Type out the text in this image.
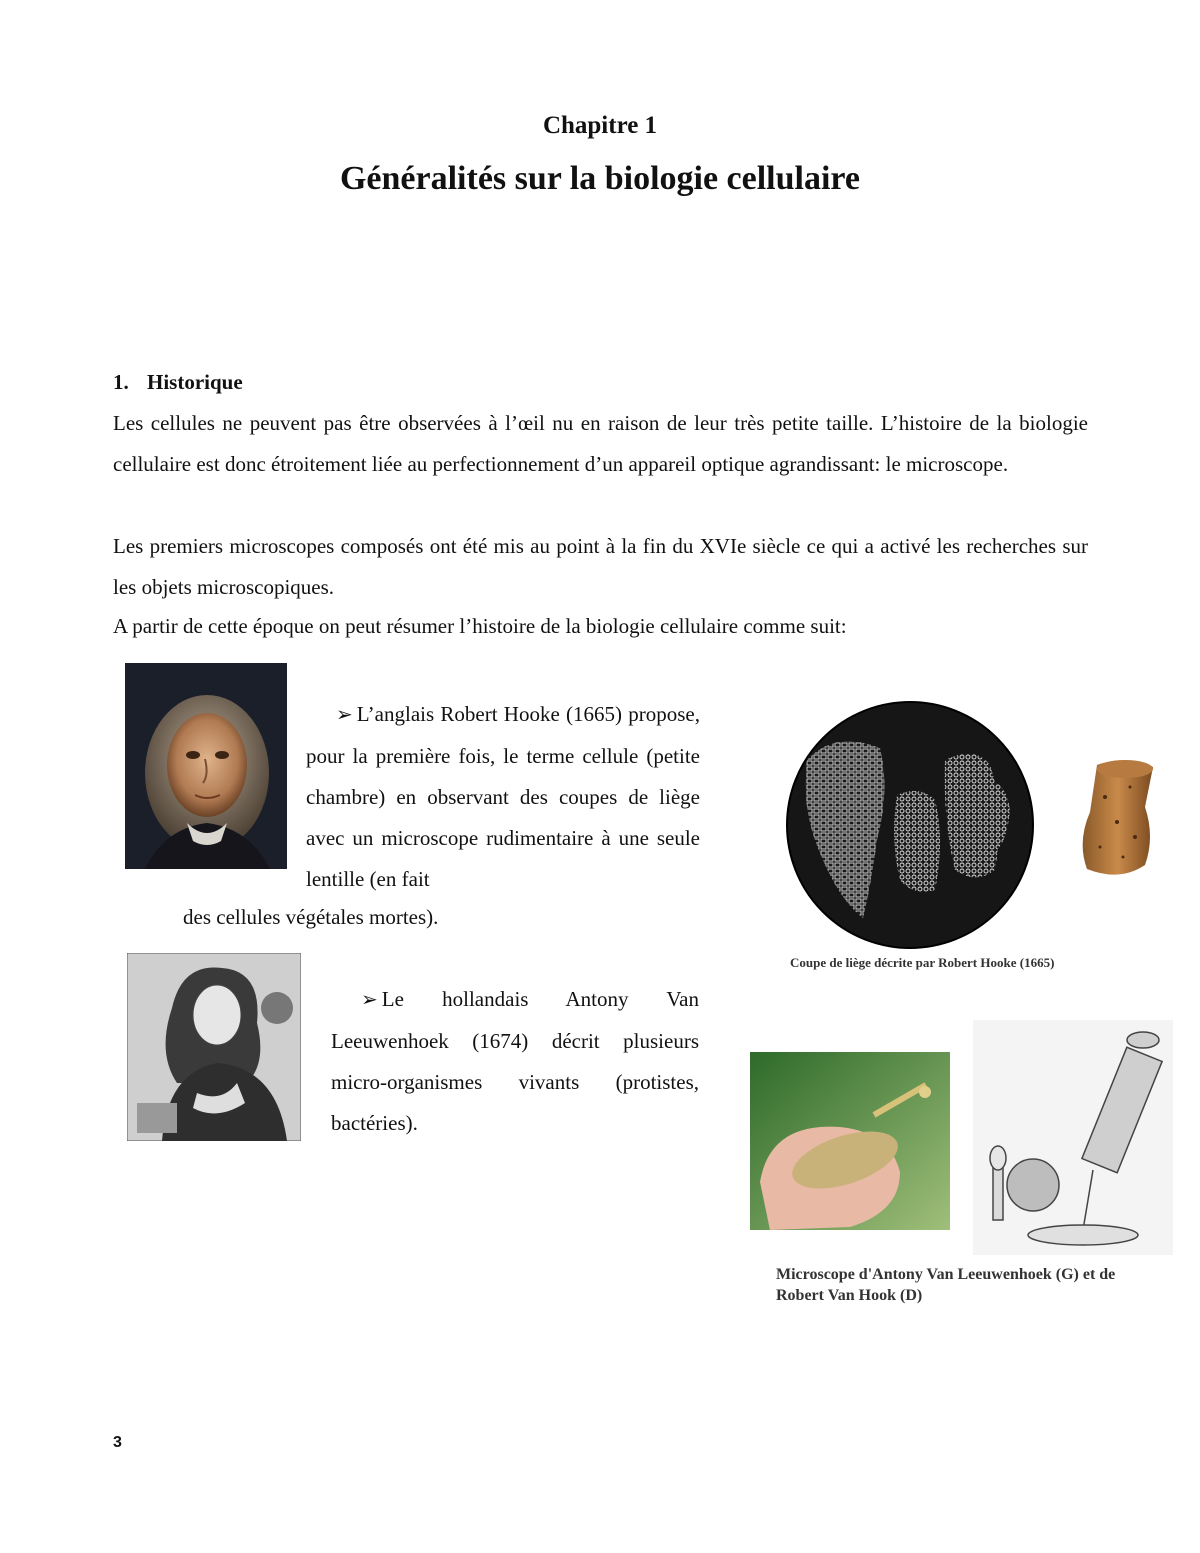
Chapitre 1
Généralités sur la biologie cellulaire
1. Historique
Les cellules ne peuvent pas être observées à l’œil nu en raison de leur très petite taille. L’histoire de la biologie cellulaire est donc étroitement liée au perfectionnement d’un appareil optique agrandissant: le microscope.
Les premiers microscopes composés ont été mis au point à la fin du XVIe siècle ce qui a activé les recherches sur les objets microscopiques.
A partir de cette époque on peut résumer l’histoire de la biologie cellulaire comme suit:
➢ L’anglais Robert Hooke (1665) propose, pour la première fois, le terme cellule (petite chambre) en observant des coupes de liège avec un microscope rudimentaire à une seule lentille (en fait
des cellules végétales mortes).
Coupe de liège décrite par Robert Hooke (1665)
➢ Le hollandais Antony Van Leeuwenhoek (1674) décrit plusieurs micro-organismes vivants (protistes, bactéries).
Microscope d'Antony Van Leeuwenhoek (G) et de Robert Van Hook (D)
3
